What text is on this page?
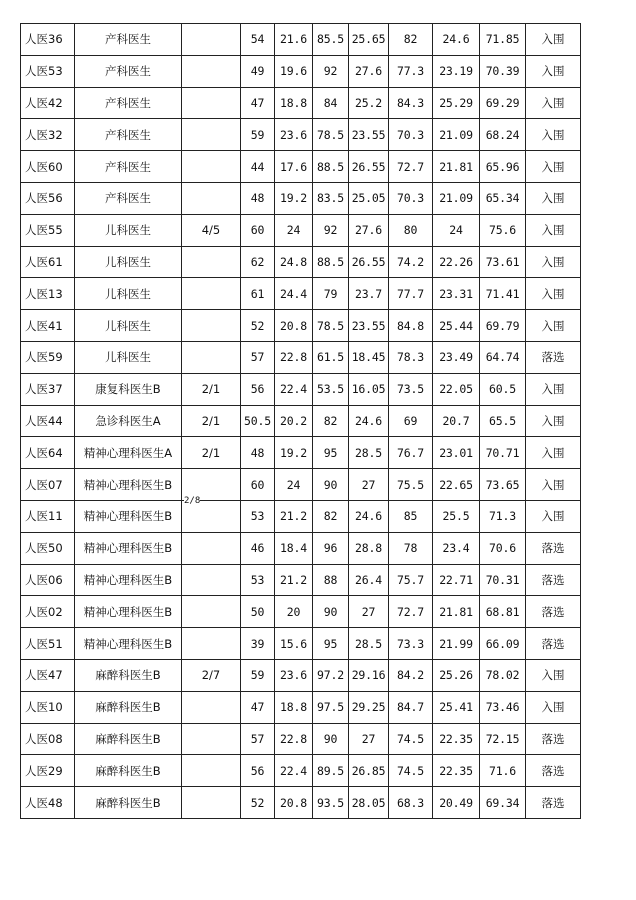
人医36	产科医生		54	21.6	85.5	25.65	82	24.6	71.85	入围
人医53	产科医生		49	19.6	92	27.6	77.3	23.19	70.39	入围
人医42	产科医生		47	18.8	84	25.2	84.3	25.29	69.29	入围
人医32	产科医生		59	23.6	78.5	23.55	70.3	21.09	68.24	入围
人医60	产科医生		44	17.6	88.5	26.55	72.7	21.81	65.96	入围
人医56	产科医生		48	19.2	83.5	25.05	70.3	21.09	65.34	入围
人医55	儿科医生	4/5	60	24	92	27.6	80	24	75.6	入围
人医61	儿科医生		62	24.8	88.5	26.55	74.2	22.26	73.61	入围
人医13	儿科医生		61	24.4	79	23.7	77.7	23.31	71.41	入围
人医41	儿科医生		52	20.8	78.5	23.55	84.8	25.44	69.79	入围
人医59	儿科医生		57	22.8	61.5	18.45	78.3	23.49	64.74	落选
人医37	康复科医生B	2/1	56	22.4	53.5	16.05	73.5	22.05	60.5	入围
人医44	急诊科医生A	2/1	50.5	20.2	82	24.6	69	20.7	65.5	入围
人医64	精神心理科医生A	2/1	48	19.2	95	28.5	76.7	23.01	70.71	入围
人医07	精神心理科医生B	2/8	60	24	90	27	75.5	22.65	73.65	入围
人医11	精神心理科医生B		53	21.2	82	24.6	85	25.5	71.3	入围
人医50	精神心理科医生B		46	18.4	96	28.8	78	23.4	70.6	落选
人医06	精神心理科医生B		53	21.2	88	26.4	75.7	22.71	70.31	落选
人医02	精神心理科医生B		50	20	90	27	72.7	21.81	68.81	落选
人医51	精神心理科医生B		39	15.6	95	28.5	73.3	21.99	66.09	落选
人医47	麻醉科医生B	2/7	59	23.6	97.2	29.16	84.2	25.26	78.02	入围
人医10	麻醉科医生B		47	18.8	97.5	29.25	84.7	25.41	73.46	入围
人医08	麻醉科医生B		57	22.8	90	27	74.5	22.35	72.15	落选
人医29	麻醉科医生B		56	22.4	89.5	26.85	74.5	22.35	71.6	落选
人医48	麻醉科医生B		52	20.8	93.5	28.05	68.3	20.49	69.34	落选
